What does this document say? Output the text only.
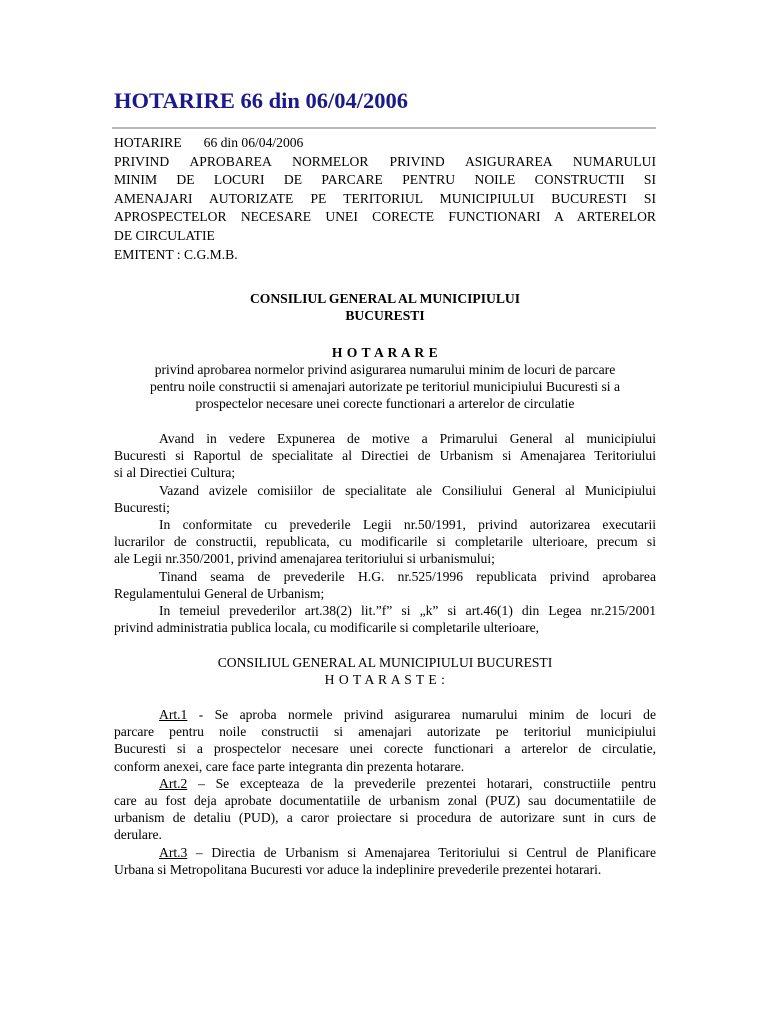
HOTARIRE 66 din 06/04/2006
HOTARIRE 66 din 06/04/2006
PRIVIND APROBAREA NORMELOR PRIVIND ASIGURAREA NUMARULUI
MINIM DE LOCURI DE PARCARE PENTRU NOILE CONSTRUCTII SI
AMENAJARI AUTORIZATE PE TERITORIUL MUNICIPIULUI BUCURESTI SI
APROSPECTELOR NECESARE UNEI CORECTE FUNCTIONARI A ARTERELOR
DE CIRCULATIE
EMITENT : C.G.M.B.
CONSILIUL GENERAL AL MUNICIPIULUI
BUCURESTI
H O T A R A R E
privind aprobarea normelor privind asigurarea numarului minim de locuri de parcare
pentru noile constructii si amenajari autorizate pe teritoriul municipiului Bucuresti si a
prospectelor necesare unei corecte functionari a arterelor de circulatie

Avand in vedere Expunerea de motive a Primarului General al municipiului
Bucuresti si Raportul de specialitate al Directiei de Urbanism si Amenajarea Teritoriului
si al Directiei Cultura;

Vazand avizele comisiilor de specialitate ale Consiliului General al Municipiului
Bucuresti;

In conformitate cu prevederile Legii nr.50/1991, privind autorizarea executarii
lucrarilor de constructii, republicata, cu modificarile si completarile ulterioare, precum si
ale Legii nr.350/2001, privind amenajarea teritoriului si urbanismului;

Tinand seama de prevederile H.G. nr.525/1996 republicata privind aprobarea
Regulamentului General de Urbanism;

In temeiul prevederilor art.38(2) lit.”f” si „k” si art.46(1) din Legea nr.215/2001
privind administratia publica locala, cu modificarile si completarile ulterioare,

CONSILIUL GENERAL AL MUNICIPIULUI BUCURESTI
H O T A R A S T E :

Art.1 - Se aproba normele privind asigurarea numarului minim de locuri de
parcare pentru noile constructii si amenajari autorizate pe teritoriul municipiului
Bucuresti si a prospectelor necesare unei corecte functionari a arterelor de circulatie,
conform anexei, care face parte integranta din prezenta hotarare.

Art.2 – Se excepteaza de la prevederile prezentei hotarari, constructiile pentru
care au fost deja aprobate documentatiile de urbanism zonal (PUZ) sau documentatiile de
urbanism de detaliu (PUD), a caror proiectare si procedura de autorizare sunt in curs de
derulare.

Art.3 – Directia de Urbanism si Amenajarea Teritoriului si Centrul de Planificare
Urbana si Metropolitana Bucuresti vor aduce la indeplinire prevederile prezentei hotarari.
